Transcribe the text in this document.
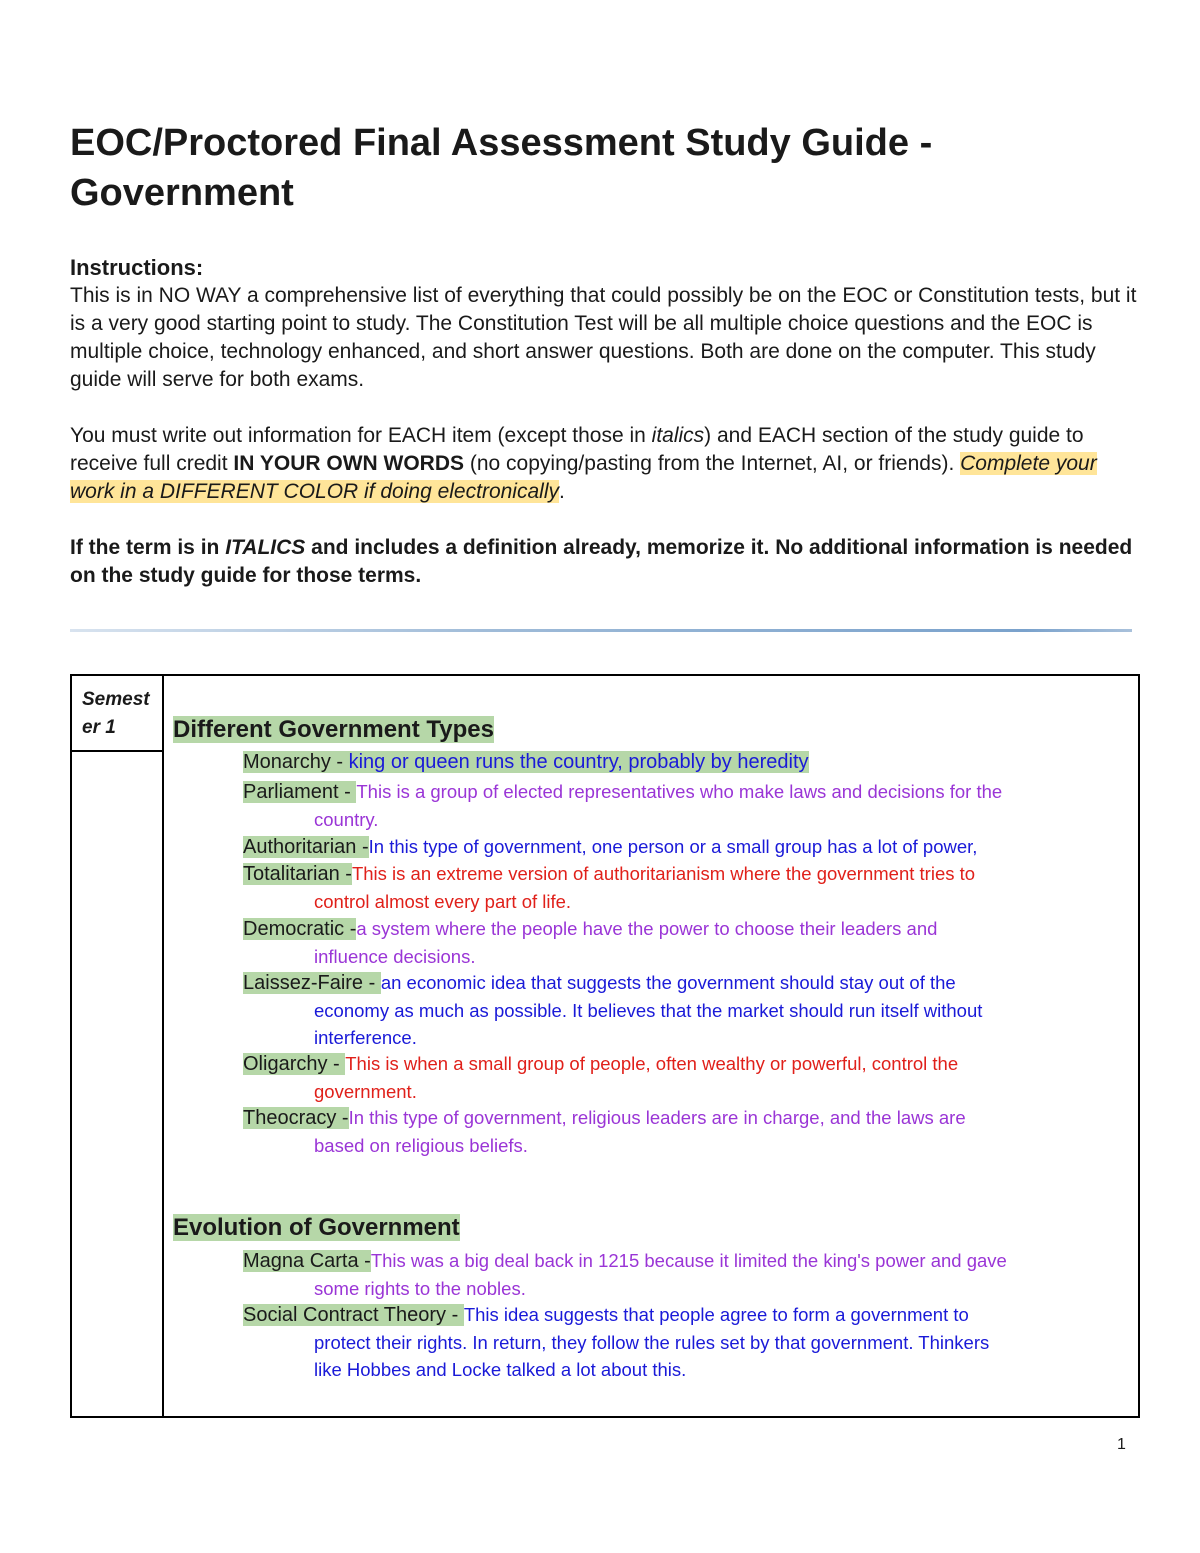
EOC/Proctored Final Assessment Study Guide -
Government
Instructions:

This is in NO WAY a comprehensive list of everything that could possibly be on the EOC or Constitution tests, but it is a very good starting point to study. The Constitution Test will be all multiple choice questions and the EOC is multiple choice, technology enhanced, and short answer questions. Both are done on the computer. This study guide will serve for both exams.

You must write out information for EACH item (except those in italics) and EACH section of the study guide to receive full credit IN YOUR OWN WORDS (no copying/pasting from the Internet, AI, or friends). Complete your work in a DIFFERENT COLOR if doing electronically.

If the term is in ITALICS and includes a definition already, memorize it. No additional information is needed on the study guide for those terms.

Semest er 1	Different Government Types
Monarchy - king or queen runs the country, probably by heredity
Parliament - This is a group of elected representatives who make laws and decisions for the
country.
Authoritarian -In this type of government, one person or a small group has a lot of power,
Totalitarian -This is an extreme version of authoritarianism where the government tries to
control almost every part of life.
Democratic -a system where the people have the power to choose their leaders and
influence decisions.
Laissez-Faire - an economic idea that suggests the government should stay out of the
economy as much as possible. It believes that the market should run itself without
interference.
Oligarchy - This is when a small group of people, often wealthy or powerful, control the
government.
Theocracy -In this type of government, religious leaders are in charge, and the laws are
based on religious beliefs.
Evolution of Government
Magna Carta -This was a big deal back in 1215 because it limited the king's power and gave
some rights to the nobles.
Social Contract Theory - This idea suggests that people agree to form a government to
protect their rights. In return, they follow the rules set by that government. Thinkers
like Hobbes and Locke talked a lot about this.
1
